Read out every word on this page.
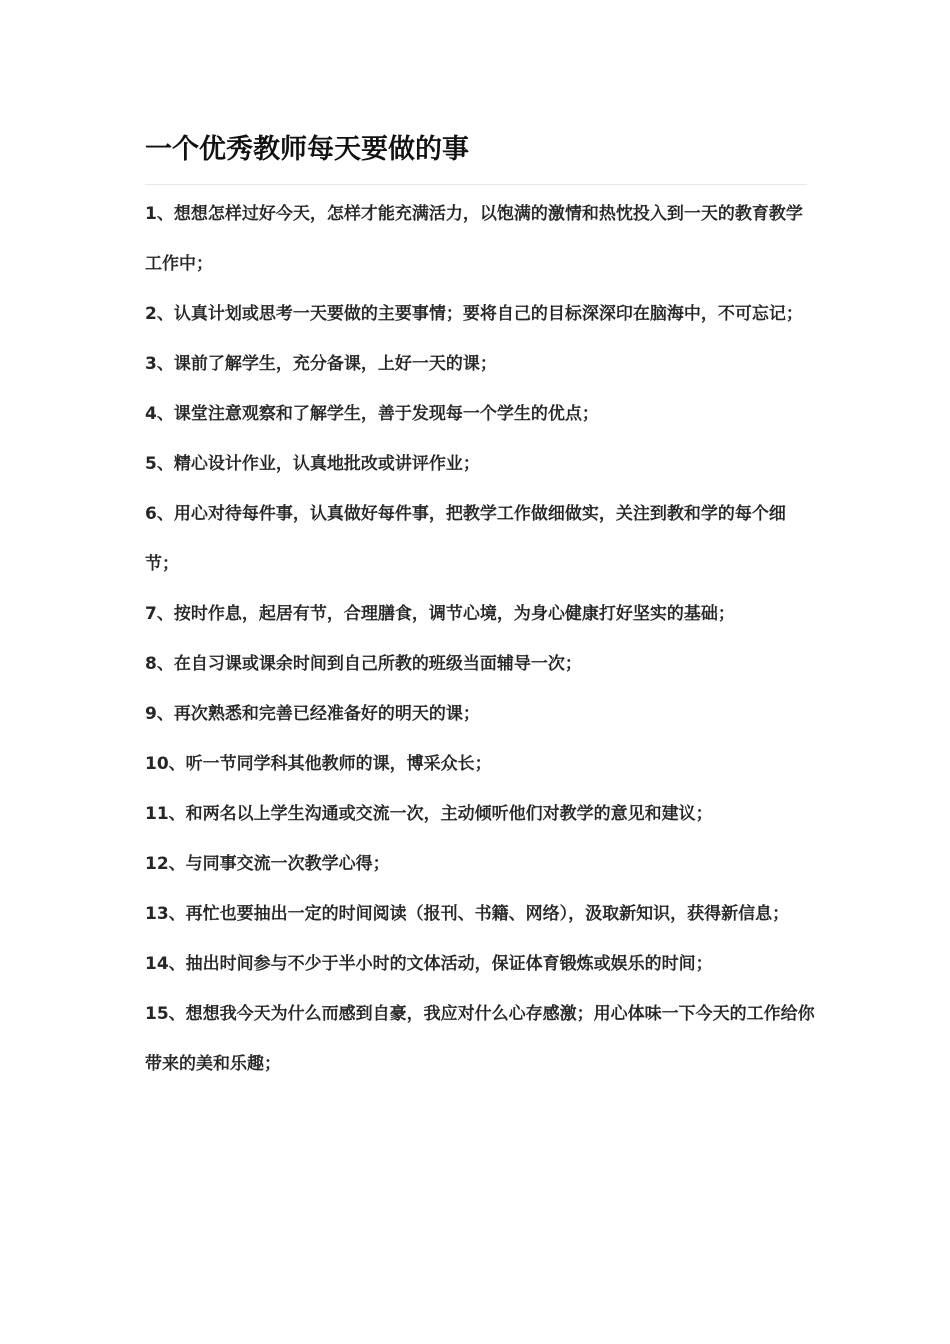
一个优秀教师每天要做的事

1、想想怎样过好今天，怎样才能充满活力，以饱满的激情和热忱投入到一天的教育教学工作中；

2、认真计划或思考一天要做的主要事情；要将自己的目标深深印在脑海中，不可忘记；

3、课前了解学生，充分备课，上好一天的课；

4、课堂注意观察和了解学生，善于发现每一个学生的优点；

5、精心设计作业，认真地批改或讲评作业；

6、用心对待每件事，认真做好每件事，把教学工作做细做实，关注到教和学的每个细节；

7、按时作息，起居有节，合理膳食，调节心境，为身心健康打好坚实的基础；

8、在自习课或课余时间到自己所教的班级当面辅导一次；

9、再次熟悉和完善已经准备好的明天的课；

10、听一节同学科其他教师的课，博采众长；

11、和两名以上学生沟通或交流一次，主动倾听他们对教学的意见和建议；

12、与同事交流一次教学心得；

13、再忙也要抽出一定的时间阅读（报刊、书籍、网络），汲取新知识，获得新信息；

14、抽出时间参与不少于半小时的文体活动，保证体育锻炼或娱乐的时间；

15、想想我今天为什么而感到自豪，我应对什么心存感激；用心体味一下今天的工作给你带来的美和乐趣；
